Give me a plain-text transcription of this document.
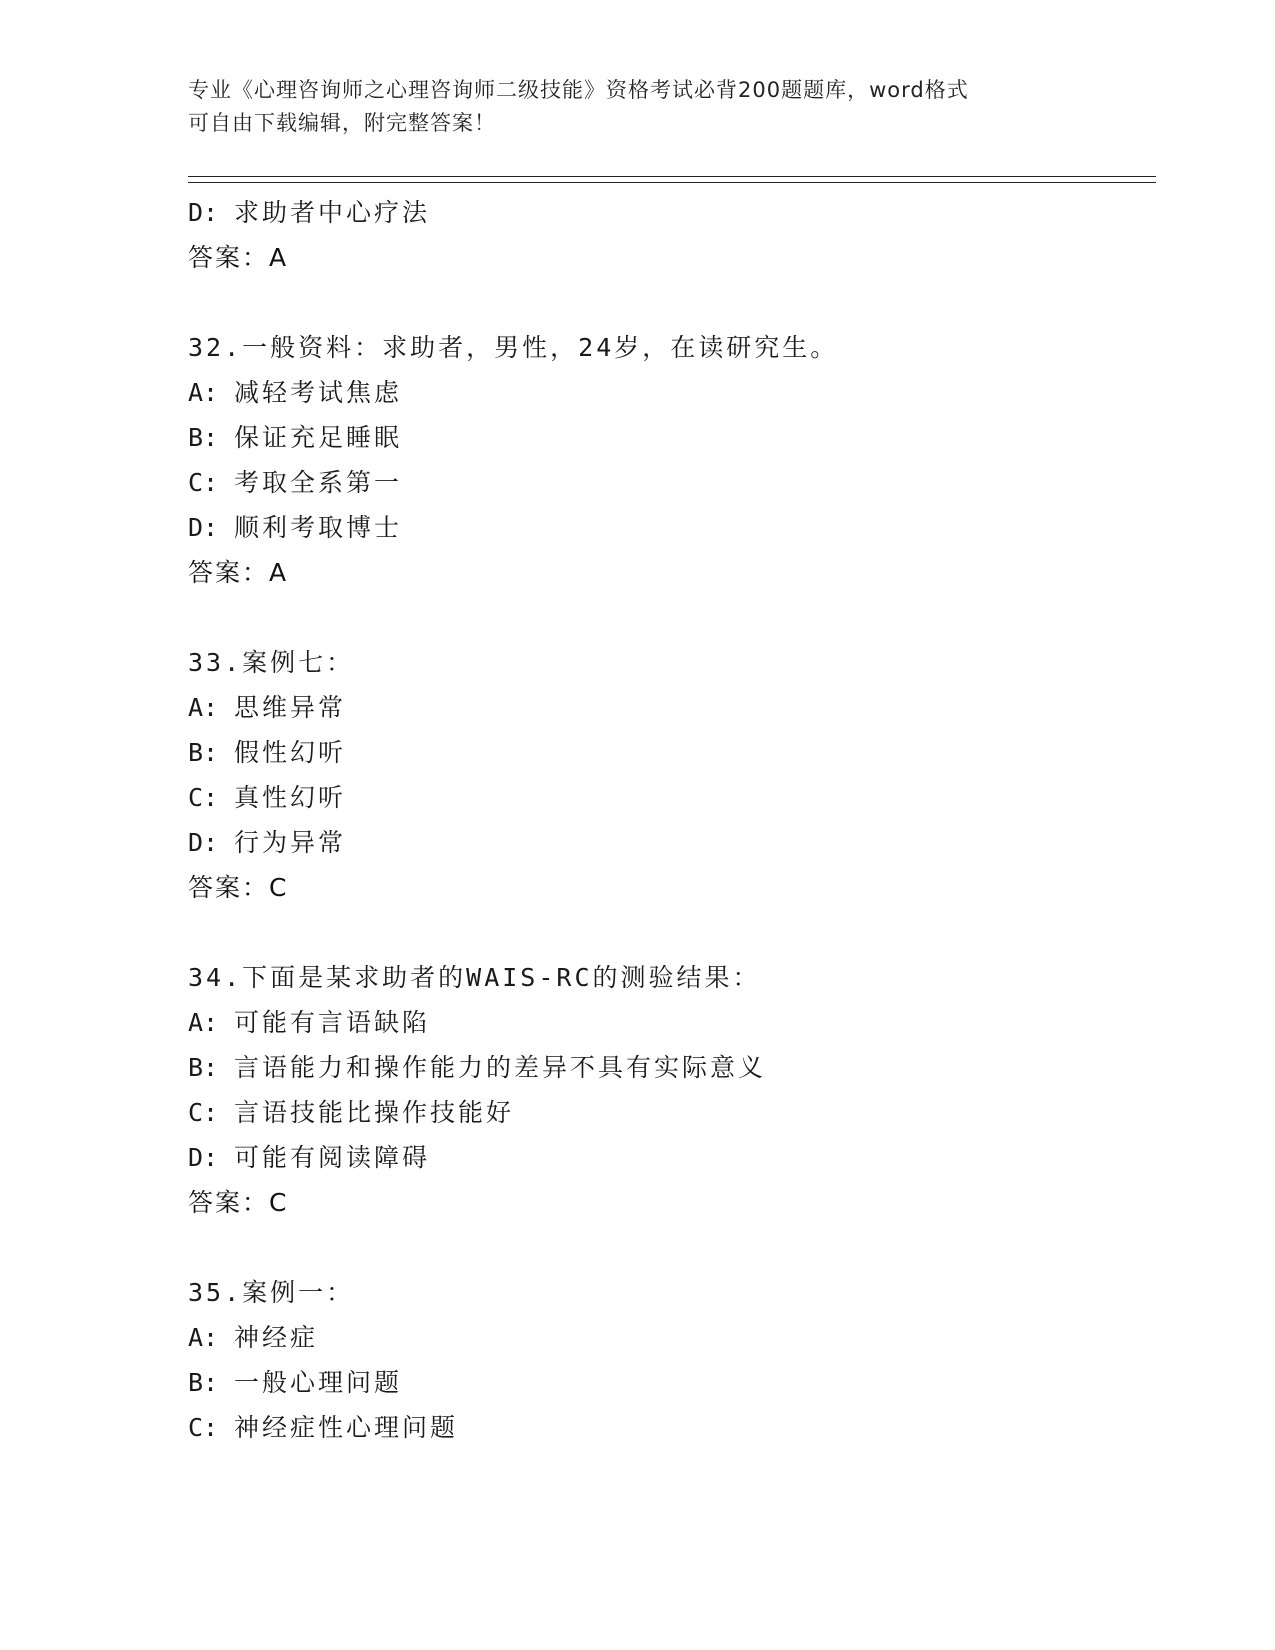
专业《心理咨询师之心理咨询师二级技能》资格考试必背200题题库，word格式
可自由下载编辑，附完整答案！
D: 求助者中心疗法
答案：A
32.一般资料：求助者，男性，24岁，在读研究生。
A: 减轻考试焦虑
B: 保证充足睡眠
C: 考取全系第一
D: 顺利考取博士
答案：A
33.案例七：
A: 思维异常
B: 假性幻听
C: 真性幻听
D: 行为异常
答案：C
34.下面是某求助者的WAIS-RC的测验结果：
A: 可能有言语缺陷
B: 言语能力和操作能力的差异不具有实际意义
C: 言语技能比操作技能好
D: 可能有阅读障碍
答案：C
35.案例一：
A: 神经症
B: 一般心理问题
C: 神经症性心理问题
